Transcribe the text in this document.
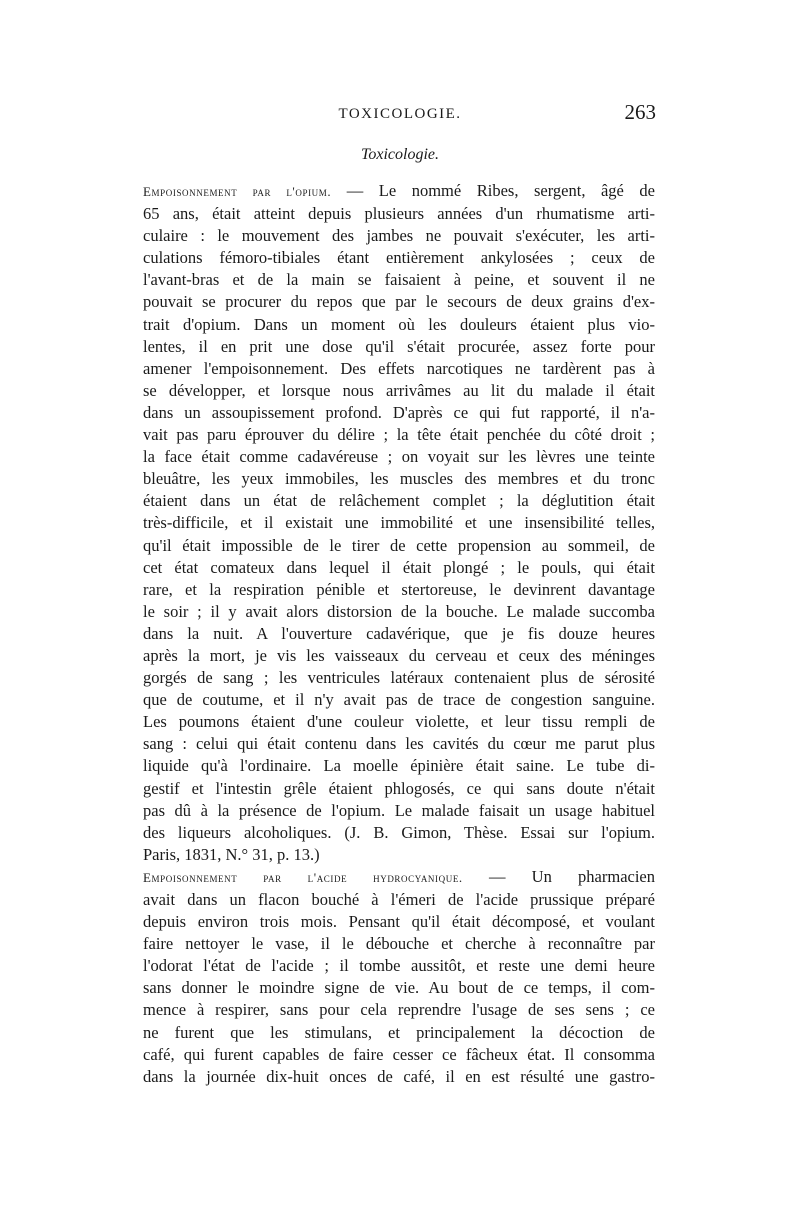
TOXICOLOGIE.	263
Toxicologie.
Empoisonnement par l'opium. — Le nommé Ribes, sergent, âgé de
65 ans, était atteint depuis plusieurs années d'un rhumatisme arti-
culaire : le mouvement des jambes ne pouvait s'exécuter, les arti-
culations fémoro-tibiales étant entièrement ankylosées ; ceux de
l'avant-bras et de la main se faisaient à peine, et souvent il ne
pouvait se procurer du repos que par le secours de deux grains d'ex-
trait d'opium. Dans un moment où les douleurs étaient plus vio-
lentes, il en prit une dose qu'il s'était procurée, assez forte pour
amener l'empoisonnement. Des effets narcotiques ne tardèrent pas à
se développer, et lorsque nous arrivâmes au lit du malade il était
dans un assoupissement profond. D'après ce qui fut rapporté, il n'a-
vait pas paru éprouver du délire ; la tête était penchée du côté droit ;
la face était comme cadavéreuse ; on voyait sur les lèvres une teinte
bleuâtre, les yeux immobiles, les muscles des membres et du tronc
étaient dans un état de relâchement complet ; la déglutition était
très-difficile, et il existait une immobilité et une insensibilité telles,
qu'il était impossible de le tirer de cette propension au sommeil, de
cet état comateux dans lequel il était plongé ; le pouls, qui était
rare, et la respiration pénible et stertoreuse, le devinrent davantage
le soir ; il y avait alors distorsion de la bouche. Le malade succomba
dans la nuit. A l'ouverture cadavérique, que je fis douze heures
après la mort, je vis les vaisseaux du cerveau et ceux des méninges
gorgés de sang ; les ventricules latéraux contenaient plus de sérosité
que de coutume, et il n'y avait pas de trace de congestion sanguine.
Les poumons étaient d'une couleur violette, et leur tissu rempli de
sang : celui qui était contenu dans les cavités du cœur me parut plus
liquide qu'à l'ordinaire. La moelle épinière était saine. Le tube di-
gestif et l'intestin grêle étaient phlogosés, ce qui sans doute n'était
pas dû à la présence de l'opium. Le malade faisait un usage habituel
des liqueurs alcoholiques. (J. B. Gimon, Thèse. Essai sur l'opium.
Paris, 1831, N.° 31, p. 13.)
Empoisonnement par l'acide hydrocyanique. — Un pharmacien
avait dans un flacon bouché à l'émeri de l'acide prussique préparé
depuis environ trois mois. Pensant qu'il était décomposé, et voulant
faire nettoyer le vase, il le débouche et cherche à reconnaître par
l'odorat l'état de l'acide ; il tombe aussitôt, et reste une demi heure
sans donner le moindre signe de vie. Au bout de ce temps, il com-
mence à respirer, sans pour cela reprendre l'usage de ses sens ; ce
ne furent que les stimulans, et principalement la décoction de
café, qui furent capables de faire cesser ce fâcheux état. Il consomma
dans la journée dix-huit onces de café, il en est résulté une gastro-
